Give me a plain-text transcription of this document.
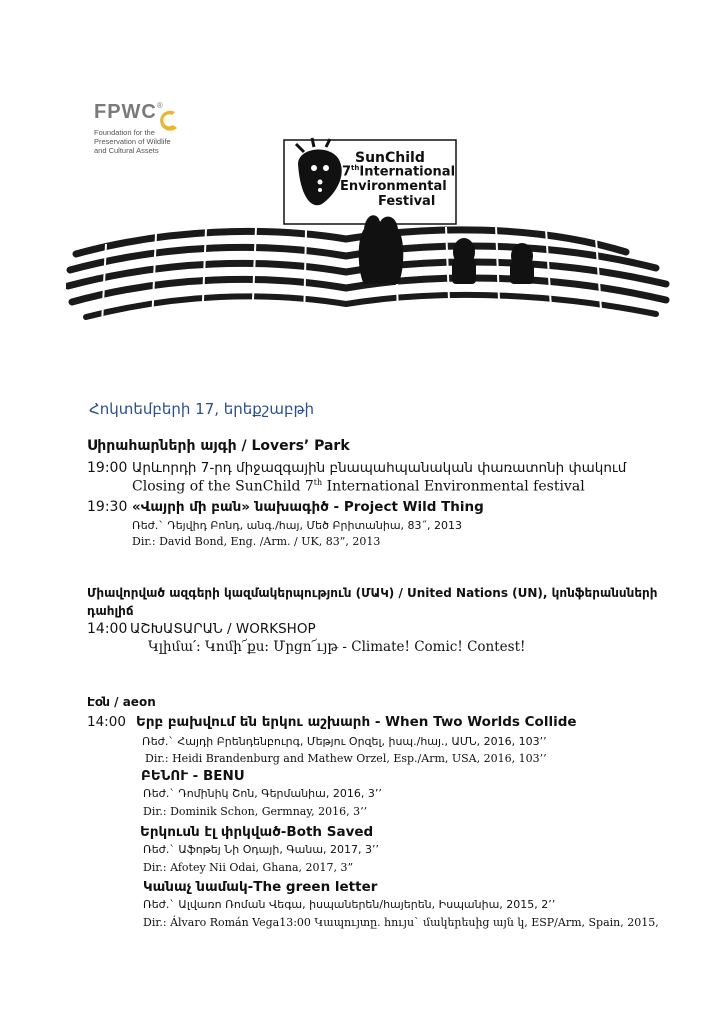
FPWC®
Foundation for the
Preservation of Wildlife
and Cultural Assets	SunChild
7thInternational
Environmental
Festival
Հոկտեմբերի 17, երեքշաբթի
Սիրահարների այգի / Lovers’ Park
19:00 Արևորդի 7-րդ միջազգային բնապահպանական փառատոնի փակում
Closing of the SunChild 7th International Environmental festival
19:30 «Վայրի մի բան» նախագիծ - Project Wild Thing
Ռեժ.` Դեյվիդ Բոնդ, անգ./հայ, Մեծ Բրիտանիա, 83˝, 2013
Dir.: David Bond, Eng. /Arm. / UK, 83”, 2013
Միավորված ազգերի կազմակերպություն (ՄԱԿ) / United Nations (UN), կոնֆերանսների
դահլիճ
14:00 ԱՇԽԱՏԱՐԱՆ / WORKSHOP
Կլիմա՛: Կոմի՜քս: Մրցո՜ւյթ - Climate! Comic! Contest!
Էօն / aeon
14:00 Երբ բախվում են երկու աշխարհ - When Two Worlds Collide
Ռեժ.` Հայդի Բրենդենբուրգ, Մեթյու Օրզել, իսպ./հայ., ԱՄՆ, 2016, 103’’
Dir.: Heidi Brandenburg and Mathew Orzel, Esp./Arm, USA, 2016, 103’’
ԲԵՆՈՒ - BENU
Ռեժ.` Դոմինիկ Շոն, Գերմանիա, 2016, 3’’
Dir.: Dominik Schon, Germnay, 2016, 3’’
Երկուսն էլ փրկված-Both Saved
Ռեժ.` Աֆոթեյ Նի Օդայի, Գանա, 2017, 3’’
Dir.: Afotey Nii Odai, Ghana, 2017, 3”
Կանաչ նամակ-The green letter
Ռեժ.` Ալվառո Ռոման Վեգա, իսպաներեն/հայերեն, Իսպանիա, 2015, 2’’
Dir.: Álvaro Román Vega13:00 Կապույտը. հույս` մակերեսից այն կ, ESP/Arm, Spain, 2015,
